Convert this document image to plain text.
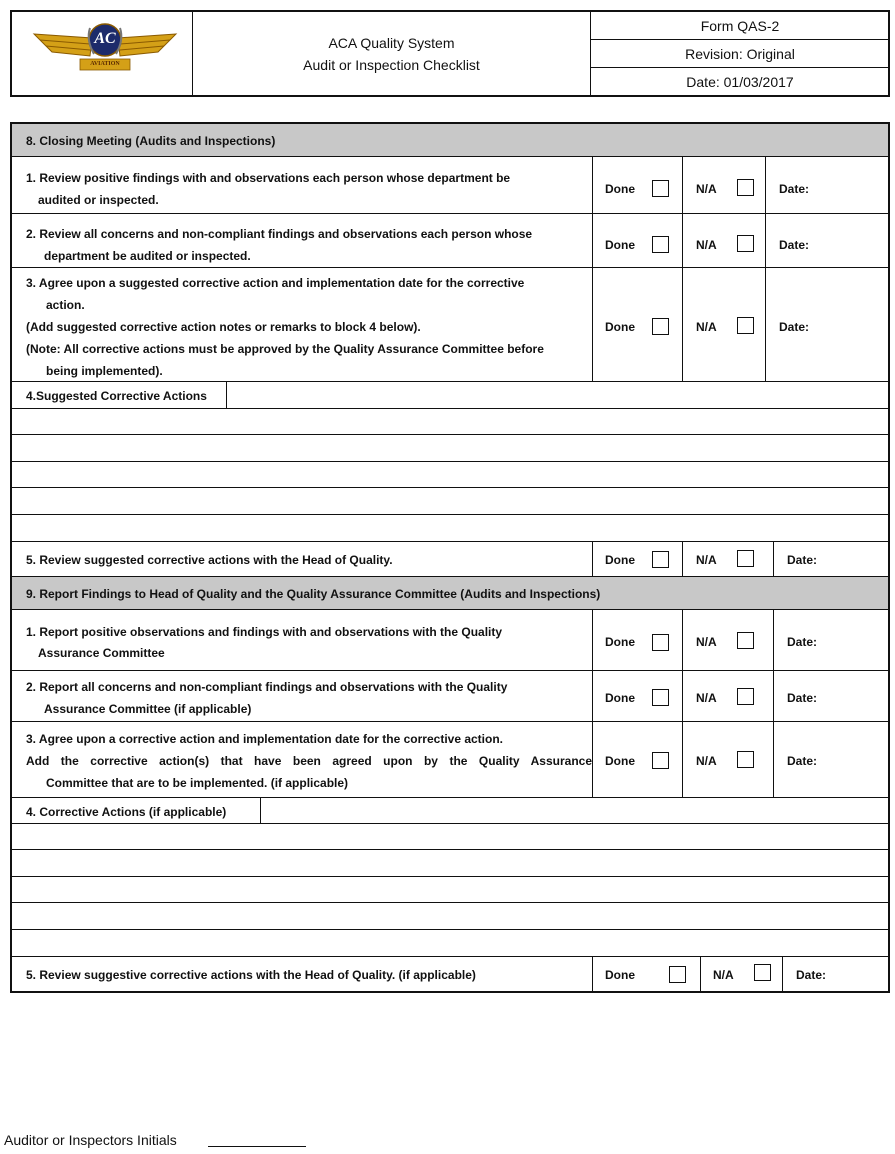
AC
AVIATION
ACA Quality System
Audit or Inspection Checklist
Form QAS-2
Revision: Original
Date: 01/03/2017
8. Closing Meeting (Audits and Inspections)
1. Review positive findings with and observations each person whose department be
audited or inspected.
Done	N/A	Date:
2. Review all concerns and non-compliant findings and observations each person whose
department be audited or inspected.
Done	N/A	Date:
3. Agree upon a suggested corrective action and implementation date for the corrective
action.
(Add suggested corrective action notes or remarks to block 4 below).
(Note: All corrective actions must be approved by the Quality Assurance Committee before
being implemented).
Done	N/A	Date:
4.Suggested Corrective Actions
5. Review suggested corrective actions with the Head of Quality.	Done	N/A	Date:
9. Report Findings to Head of Quality and the Quality Assurance Committee (Audits and Inspections)
1. Report positive observations and findings with and observations with the Quality
Assurance Committee
Done	N/A	Date:
2. Report all concerns and non-compliant findings and observations with the Quality
Assurance Committee (if applicable)
Done	N/A	Date:
3. Agree upon a corrective action and implementation date for the corrective action.
Add the corrective action(s) that have been agreed upon by the Quality Assurance
Committee that are to be implemented. (if applicable)
Done	N/A	Date:
4. Corrective Actions (if applicable)
5. Review suggestive corrective actions with the Head of Quality. (if applicable)	Done	N/A	Date:
Auditor or Inspectors Initials
